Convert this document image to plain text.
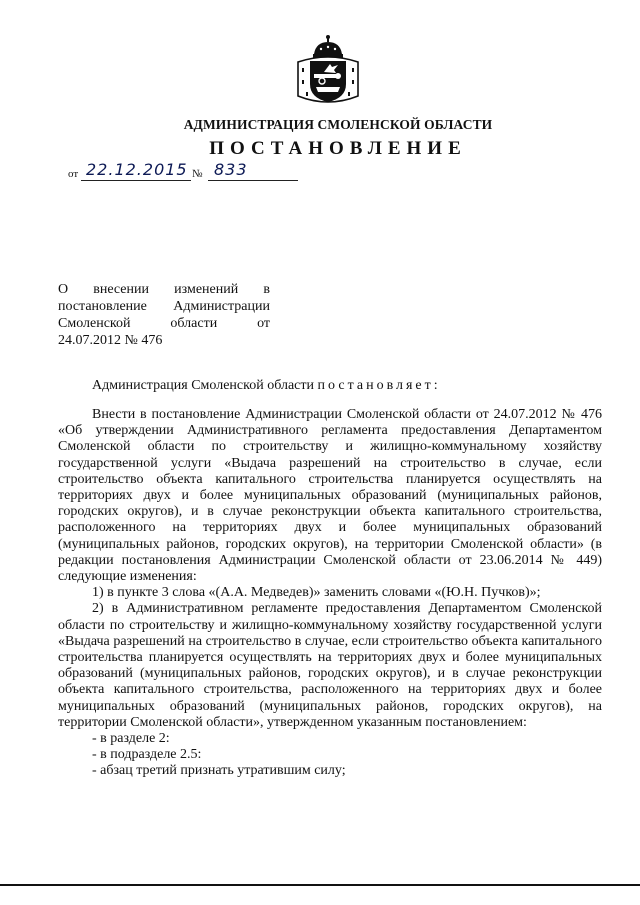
АДМИНИСТРАЦИЯ СМОЛЕНСКОЙ ОБЛАСТИ
ПОСТАНОВЛЕНИЕ
от 22.12.2015 № 833
О внесении изменений в
постановление Администрации
Смоленской области от
24.07.2012 № 476
Администрация Смоленской области постановляет:

Внести в постановление Администрации Смоленской области от 24.07.2012 № 476 «Об утверждении Административного регламента предоставления Департаментом Смоленской области по строительству и жилищно-коммунальному хозяйству государственной услуги «Выдача разрешений на строительство в случае, если строительство объекта капитального строительства планируется осуществлять на территориях двух и более муниципальных образований (муниципальных районов, городских округов), и в случае реконструкции объекта капитального строительства, расположенного на территориях двух и более муниципальных образований (муниципальных районов, городских округов), на территории Смоленской области» (в редакции постановления Администрации Смоленской области от 23.06.2014 № 449) следующие изменения:

1) в пункте 3 слова «(А.А. Медведев)» заменить словами «(Ю.Н. Пучков)»;

2) в Административном регламенте предоставления Департаментом Смоленской области по строительству и жилищно-коммунальному хозяйству государственной услуги «Выдача разрешений на строительство в случае, если строительство объекта капитального строительства планируется осуществлять на территориях двух и более муниципальных образований (муниципальных районов, городских округов), и в случае реконструкции объекта капитального строительства, расположенного на территориях двух и более муниципальных образований (муниципальных районов, городских округов), на территории Смоленской области», утвержденном указанным постановлением:

- в разделе 2:

- в подразделе 2.5:

- абзац третий признать утратившим силу;
